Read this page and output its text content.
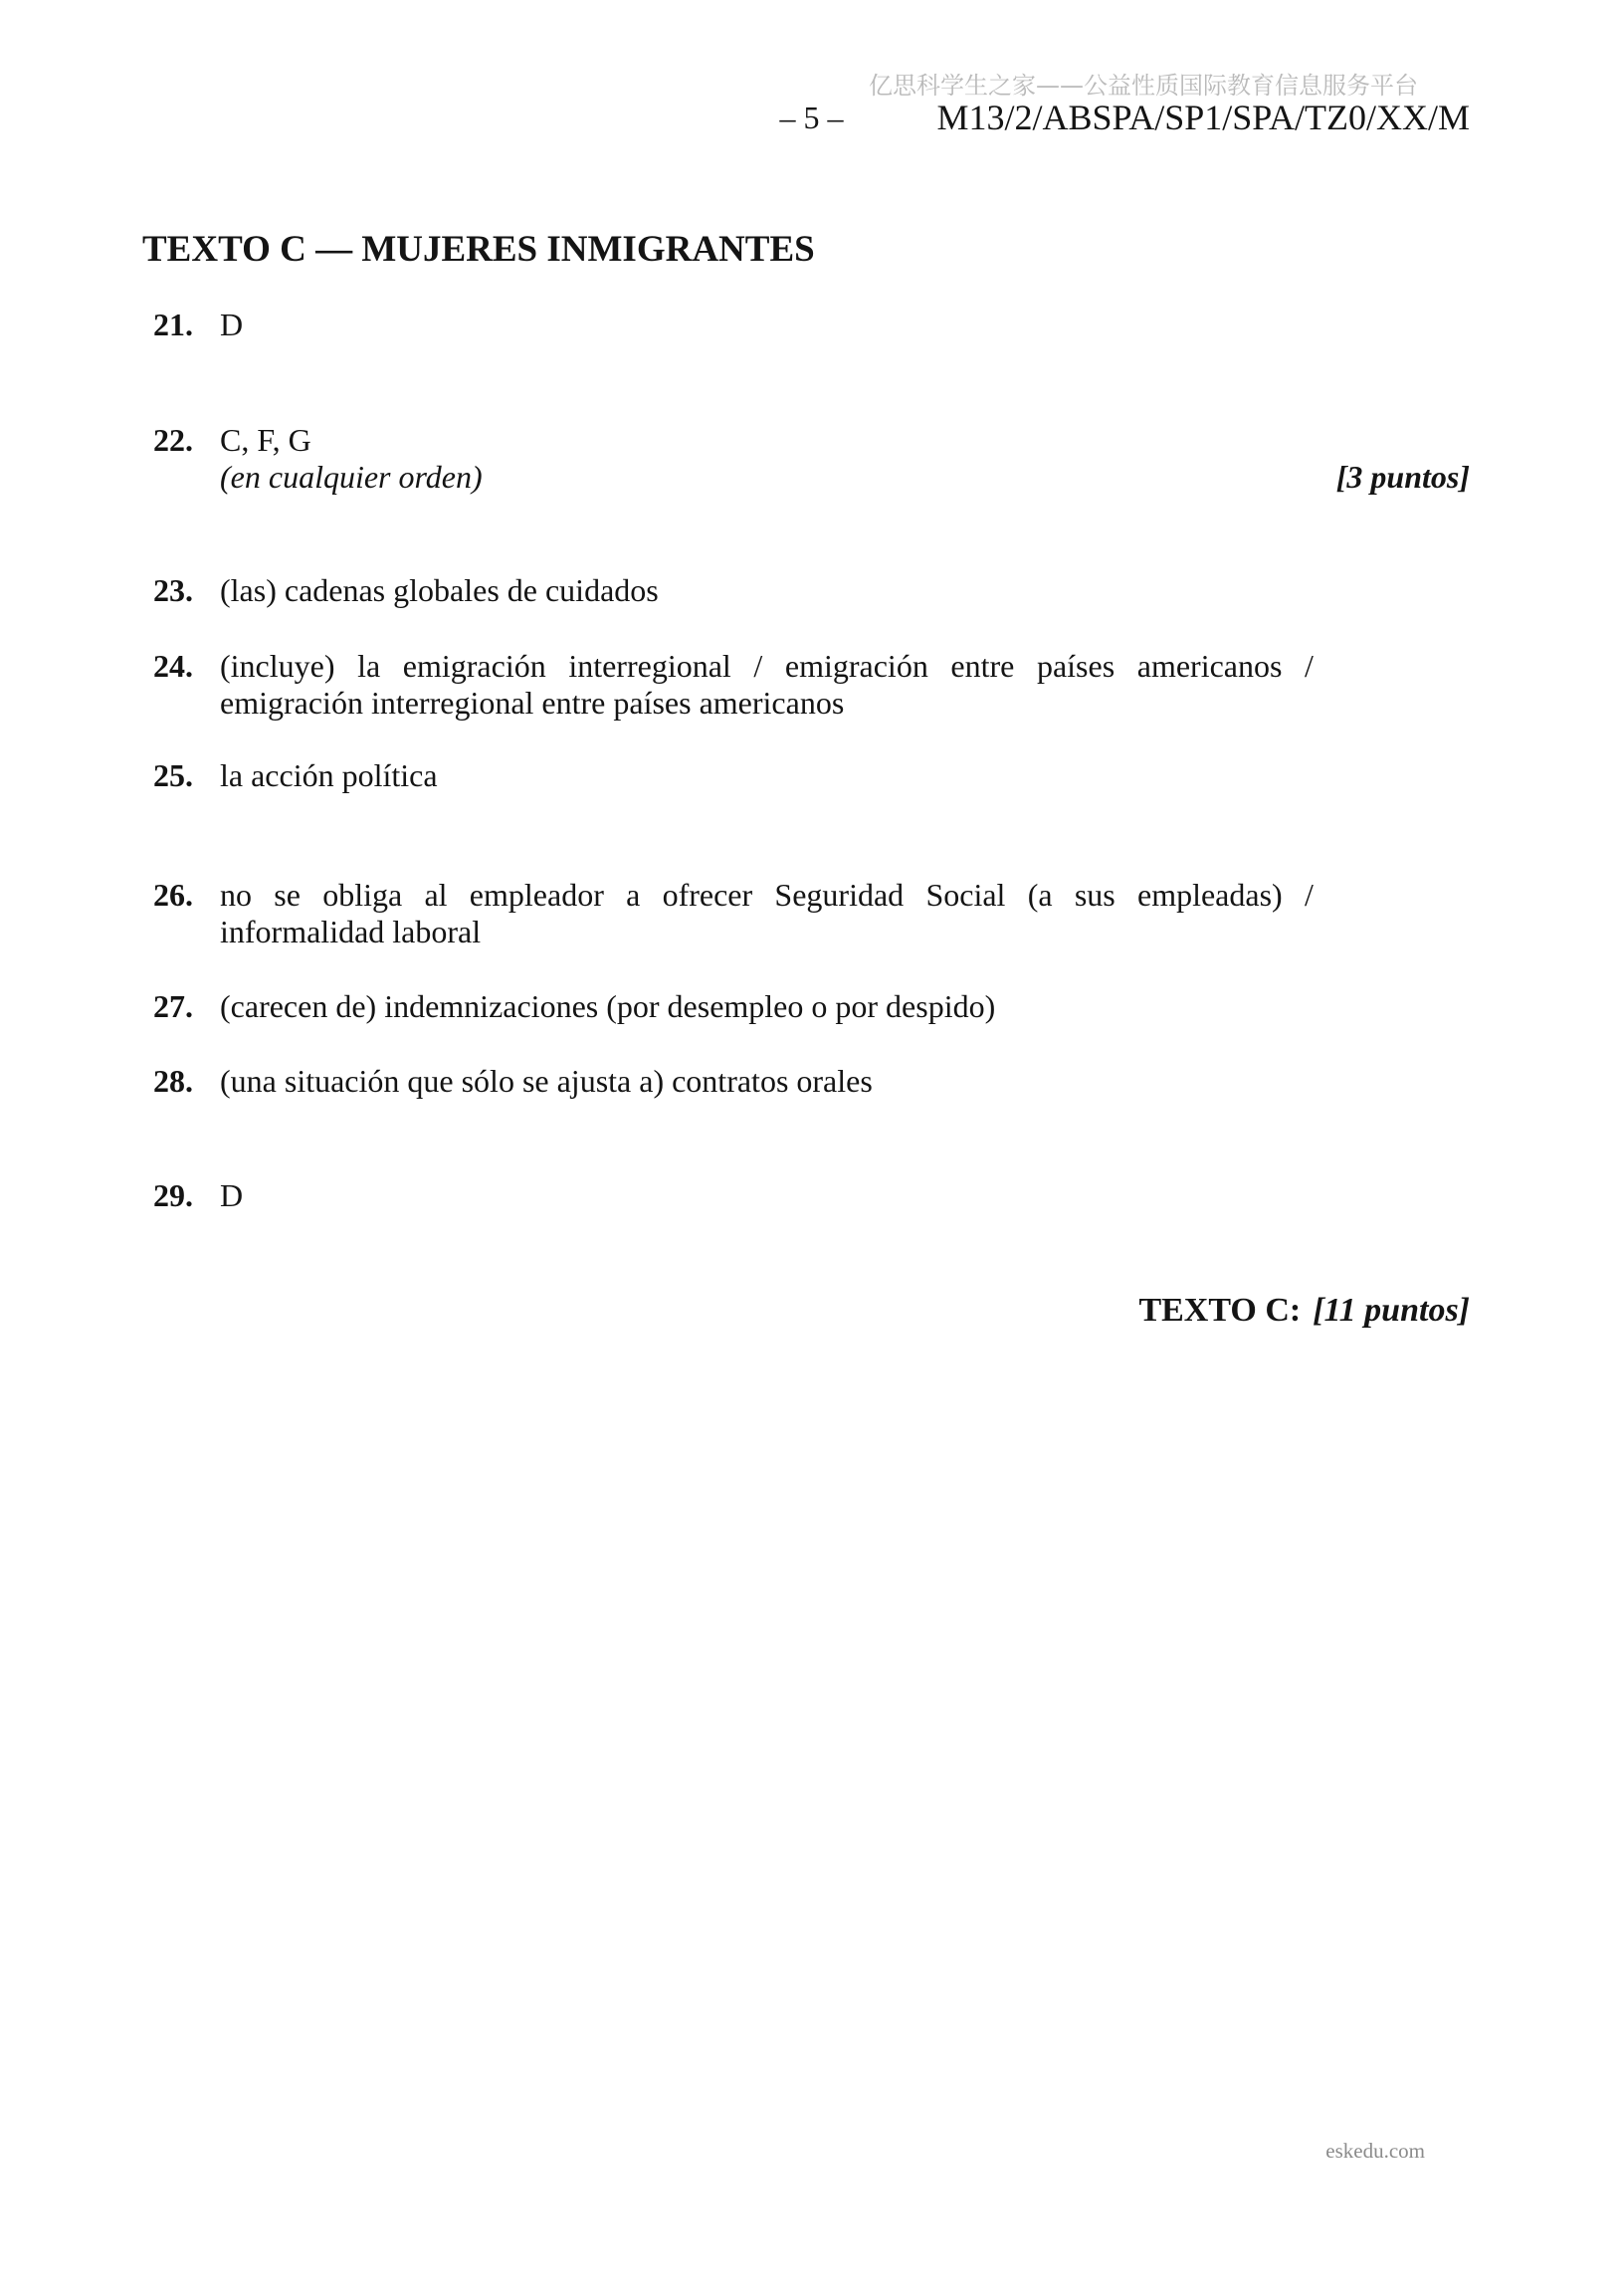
亿思科学生之家——公益性质国际教育信息服务平台
– 5 –	M13/2/ABSPA/SP1/SPA/TZ0/XX/M
TEXTO C — MUJERES INMIGRANTES
21. D
22. C, F, G
(en cualquier orden)	[3 puntos]
23. (las) cadenas globales de cuidados
24. (incluye) la emigración interregional / emigración entre países americanos /
emigración interregional entre países americanos
25. la acción política
26. no se obliga al empleador a ofrecer Seguridad Social (a sus empleadas) /
informalidad laboral
27. (carecen de) indemnizaciones (por desempleo o por despido)
28. (una situación que sólo se ajusta a) contratos orales
29. D
TEXTO C: [11 puntos]
eskedu.com
